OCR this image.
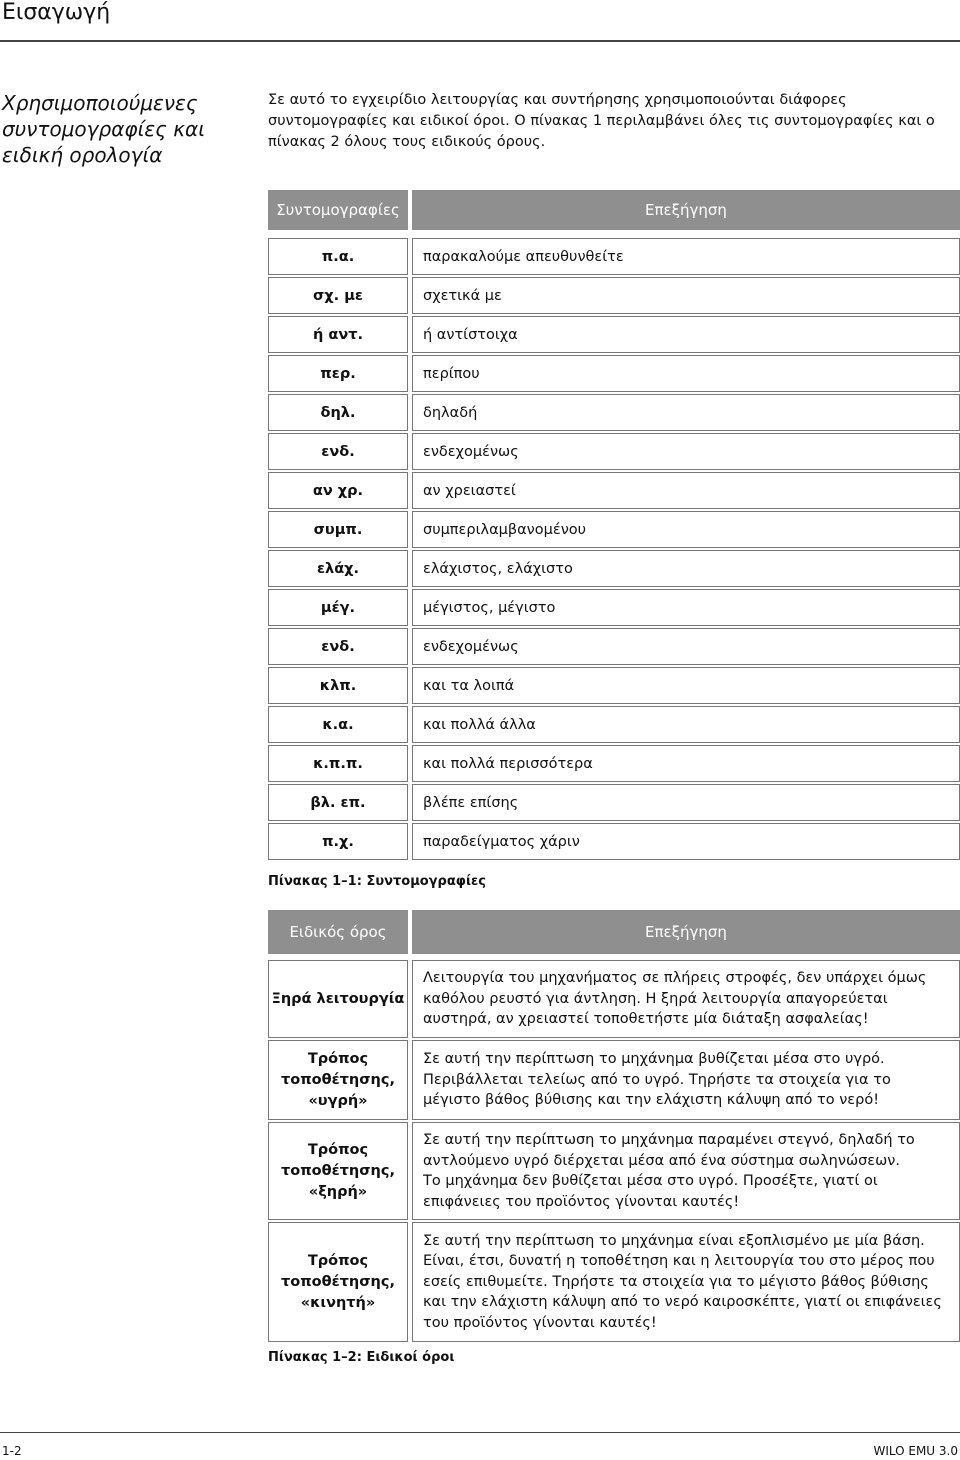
Εισαγωγή
Χρησιμοποιούμενες συντομογραφίες και ειδική ορολογία
Σε αυτό το εγχειρίδιο λειτουργίας και συντήρησης χρησιμοποιούνται διάφορες συντομογραφίες και ειδικοί όροι. Ο πίνακας 1 περιλαμβάνει όλες τις συντομογραφίες και ο πίνακας 2 όλους τους ειδικούς όρους.
Συντομογραφίες		Επεξήγηση

π.α.		παρακαλούμε απευθυνθείτε
σχ. με		σχετικά με
ή αντ.		ή αντίστοιχα
περ.		περίπου
δηλ.		δηλαδή
ενδ.		ενδεχομένως
αν χρ.		αν χρειαστεί
συμπ.		συμπεριλαμβανομένου
ελάχ.		ελάχιστος, ελάχιστο
μέγ.		μέγιστος, μέγιστο
ενδ.		ενδεχομένως
κλπ.		και τα λοιπά
κ.α.		και πολλά άλλα
κ.π.π.		και πολλά περισσότερα
βλ. επ.		βλέπε επίσης
π.χ.		παραδείγματος χάριν
Πίνακας 1–1: Συντομογραφίες
Ειδικός όρος		Επεξήγηση

Ξηρά λειτουργία		Λειτουργία του μηχανήματος σε πλήρεις στροφές, δεν υπάρχει όμως καθόλου ρευστό για άντληση. Η ξηρά λειτουργία απαγορεύεται αυστηρά, αν χρειαστεί τοποθετήστε μία διάταξη ασφαλείας!
Τρόπος τοποθέτησης, «υγρή»		Σε αυτή την περίπτωση το μηχάνημα βυθίζεται μέσα στο υγρό. Περιβάλλεται τελείως από το υγρό. Τηρήστε τα στοιχεία για το μέγιστο βάθος βύθισης και την ελάχιστη κάλυψη από το νερό!
Τρόπος τοποθέτησης, «ξηρή»		Σε αυτή την περίπτωση το μηχάνημα παραμένει στεγνό, δηλαδή το αντλούμενο υγρό διέρχεται μέσα από ένα σύστημα σωληνώσεων.
Το μηχάνημα δεν βυθίζεται μέσα στο υγρό. Προσέξτε, γιατί οι επιφάνειες του προϊόντος γίνονται καυτές!
Τρόπος τοποθέτησης, «κινητή»		Σε αυτή την περίπτωση το μηχάνημα είναι εξοπλισμένο με μία βάση. Είναι, έτσι, δυνατή η τοποθέτηση και η λειτουργία του στο μέρος που εσείς επιθυμείτε. Τηρήστε τα στοιχεία για το μέγιστο βάθος βύθισης και την ελάχιστη κάλυψη από το νερό καιροσκέπτε, γιατί οι επιφάνειες του προϊόντος γίνονται καυτές!
Πίνακας 1–2: Ειδικοί όροι
1-2	WILO EMU 3.0
